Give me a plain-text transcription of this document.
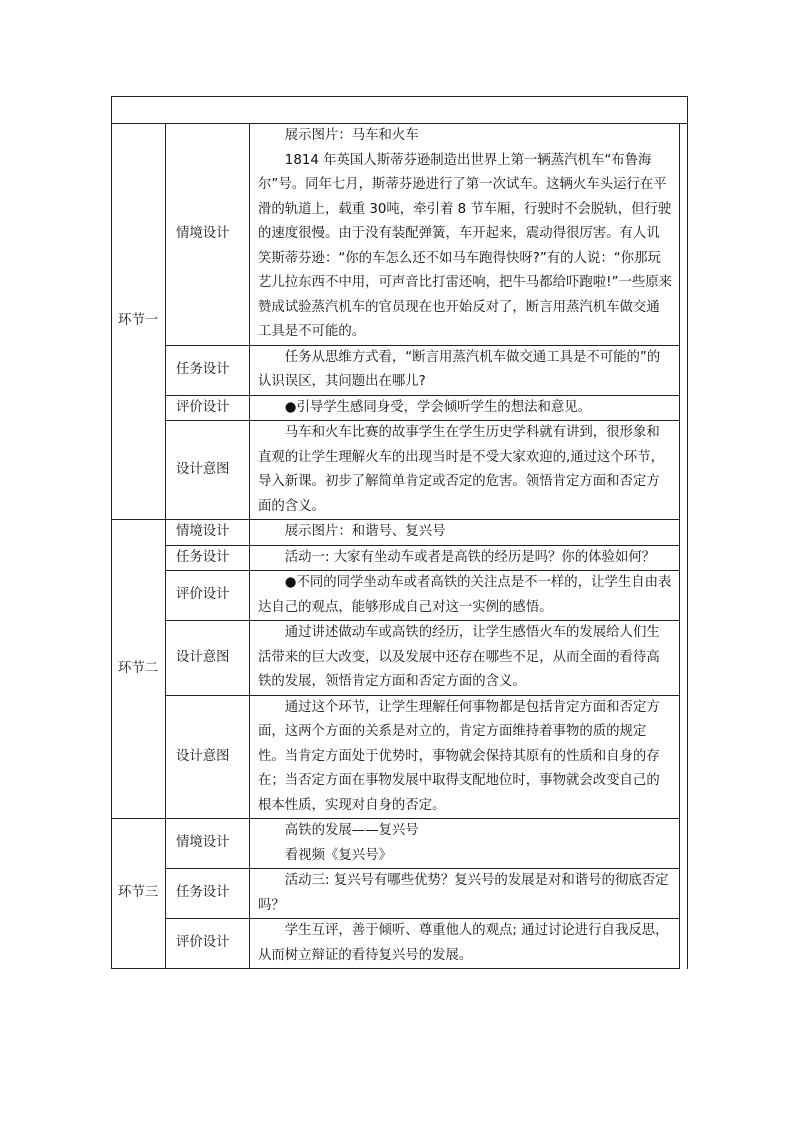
环节一	情境设计	展示图片：马车和火车
1814 年英国人斯蒂芬逊制造出世界上第一辆蒸汽机车“布鲁海尔”号。同年七月，斯蒂芬逊进行了第一次试车。这辆火车头运行在平滑的轨道上，载重 30吨，牵引着 8 节车厢，行驶时不会脱轨，但行驶的速度很慢。由于没有装配弹簧，车开起来，震动得很厉害。有人讥笑斯蒂芬逊：“你的车怎么还不如马车跑得快呀?”有的人说：“你那玩艺儿拉东西不中用，可声音比打雷还响，把牛马都给吓跑啦!”一些原来赞成试验蒸汽机车的官员现在也开始反对了，断言用蒸汽机车做交通工具是不可能的。	

	任务设计	任务从思维方式看，“断言用蒸汽机车做交通工具是不可能的”的认识误区，其问题出在哪儿?	

	评价设计	●引导学生感同身受，学会倾听学生的想法和意见。	

	设计意图	马车和火车比赛的故事学生在学生历史学科就有讲到，很形象和直观的让学生理解火车的出现当时是不受大家欢迎的,通过这个环节，导入新课。初步了解简单肯定或否定的危害。领悟肯定方面和否定方面的含义。	

环节二	情境设计	展示图片：和谐号、复兴号	

	任务设计	活动一: 大家有坐动车或者是高铁的经历是吗？你的体验如何？	

	评价设计	●不同的同学坐动车或者高铁的关注点是不一样的，让学生自由表达自己的观点，能够形成自己对这一实例的感悟。	

	设计意图	通过讲述做动车或高铁的经历，让学生感悟火车的发展给人们生活带来的巨大改变，以及发展中还存在哪些不足，从而全面的看待高铁的发展，领悟肯定方面和否定方面的含义。	

	设计意图	通过这个环节，让学生理解任何事物都是包括肯定方面和否定方面，这两个方面的关系是对立的，肯定方面维持着事物的质的规定性。当肯定方面处于优势时，事物就会保持其原有的性质和自身的存在；当否定方面在事物发展中取得支配地位时，事物就会改变自己的根本性质，实现对自身的否定。	

环节三	情境设计	高铁的发展——复兴号
看视频《复兴号》	

	任务设计	活动三: 复兴号有哪些优势？复兴号的发展是对和谐号的彻底否定吗？	

	评价设计	学生互评，善于倾听、尊重他人的观点; 通过讨论进行自我反思，从而树立辩证的看待复兴号的发展。	
